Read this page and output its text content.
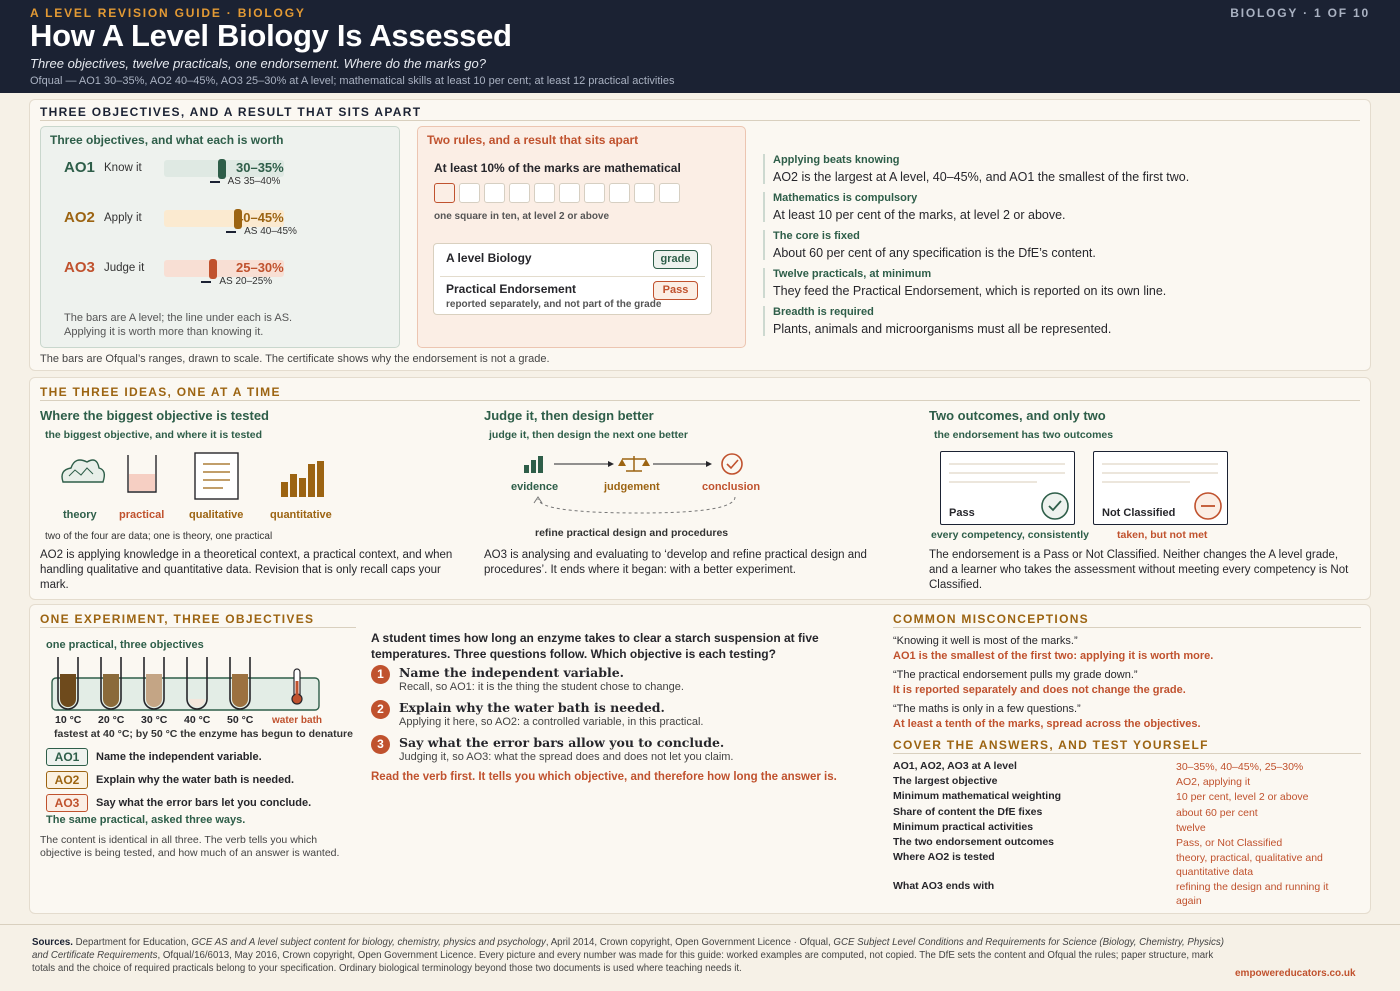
A LEVEL REVISION GUIDE · BIOLOGY	BIOLOGY · 1 OF 10
How A Level Biology Is Assessed
Three objectives, twelve practicals, one endorsement. Where do the marks go?
Ofqual — AO1 30–35%, AO2 40–45%, AO3 25–30% at A level; mathematical skills at least 10 per cent; at least 12 practical activities
THREE OBJECTIVES, AND A RESULT THAT SITS APART
Three objectives, and what each is worth
AO1 Know it	30–35%
AS 35–40%
AO2 Apply it	40–45%
AS 40–45%
AO3 Judge it	25–30%
AS 20–25%
The bars are A level; the line under each is AS.
Applying it is worth more than knowing it.
Two rules, and a result that sits apart
At least 10% of the marks are mathematical
one square in ten, at level 2 or above
A level Biology	grade
Practical Endorsement	Pass
reported separately, and not part of the grade
The bars are Ofqual’s ranges, drawn to scale. The certificate shows why the endorsement is not a grade.
Applying beats knowing
AO2 is the largest at A level, 40–45%, and AO1 the smallest of the first two.
Mathematics is compulsory
At least 10 per cent of the marks, at level 2 or above.
The core is fixed
About 60 per cent of any specification is the DfE’s content.
Twelve practicals, at minimum
They feed the Practical Endorsement, which is reported on its own line.
Breadth is required
Plants, animals and microorganisms must all be represented.
THE THREE IDEAS, ONE AT A TIME
Where the biggest objective is tested
the biggest objective, and where it is tested
theory practical qualitative quantitative
two of the four are data; one is theory, one practical
AO2 is applying knowledge in a theoretical context, a practical context, and when handling qualitative and quantitative data. Revision that is only recall caps your mark.
Judge it, then design better
judge it, then design the next one better
evidence	judgement	conclusion
refine practical design and procedures
AO3 is analysing and evaluating to ‘develop and refine practical design and procedures’. It ends where it began: with a better experiment.
Two outcomes, and only two
the endorsement has two outcomes
Pass	Not Classified
every competency, consistently	taken, but not met
The endorsement is a Pass or Not Classified. Neither changes the A level grade, and a learner who takes the assessment without meeting every competency is Not Classified.
ONE EXPERIMENT, THREE OBJECTIVES
one practical, three objectives
10 °C 20 °C 30 °C 40 °C 50 °C water bath
fastest at 40 °C; by 50 °C the enzyme has begun to denature
AO1	Name the independent variable.
AO2	Explain why the water bath is needed.
AO3	Say what the error bars let you conclude.
The same practical, asked three ways.
The content is identical in all three. The verb tells you which objective is being tested, and how much of an answer is wanted.
A student times how long an enzyme takes to clear a starch suspension at five temperatures. Three questions follow. Which objective is each testing?
1	Name the independent variable.
Recall, so AO1: it is the thing the student chose to change.
2	Explain why the water bath is needed.
Applying it here, so AO2: a controlled variable, in this practical.
3	Say what the error bars allow you to conclude.
Judging it, so AO3: what the spread does and does not let you claim.
Read the verb first. It tells you which objective, and therefore how long the answer is.
COMMON MISCONCEPTIONS
“Knowing it well is most of the marks.”
AO1 is the smallest of the first two: applying it is worth more.
“The practical endorsement pulls my grade down.”
It is reported separately and does not change the grade.
“The maths is only in a few questions.”
At least a tenth of the marks, spread across the objectives.
COVER THE ANSWERS, AND TEST YOURSELF
AO1, AO2, AO3 at A level	30–35%, 40–45%, 25–30%
The largest objective	AO2, applying it
Minimum mathematical weighting	10 per cent, level 2 or above
Share of content the DfE fixes	about 60 per cent
Minimum practical activities	twelve
The two endorsement outcomes	Pass, or Not Classified
Where AO2 is tested	theory, practical, qualitative and quantitative data
What AO3 ends with	refining the design and running it again
Sources. Department for Education, GCE AS and A level subject content for biology, chemistry, physics and psychology, April 2014, Crown copyright, Open Government Licence · Ofqual, GCE Subject Level Conditions and Requirements for Science (Biology, Chemistry, Physics) and Certificate Requirements, Ofqual/16/6013, May 2016, Crown copyright, Open Government Licence. Every picture and every number was made for this guide: worked examples are computed, not copied. The DfE sets the content and Ofqual the rules; paper structure, mark totals and the choice of required practicals belong to your specification. Ordinary biological terminology beyond those two documents is used where teaching needs it.	empowereducators.co.uk
